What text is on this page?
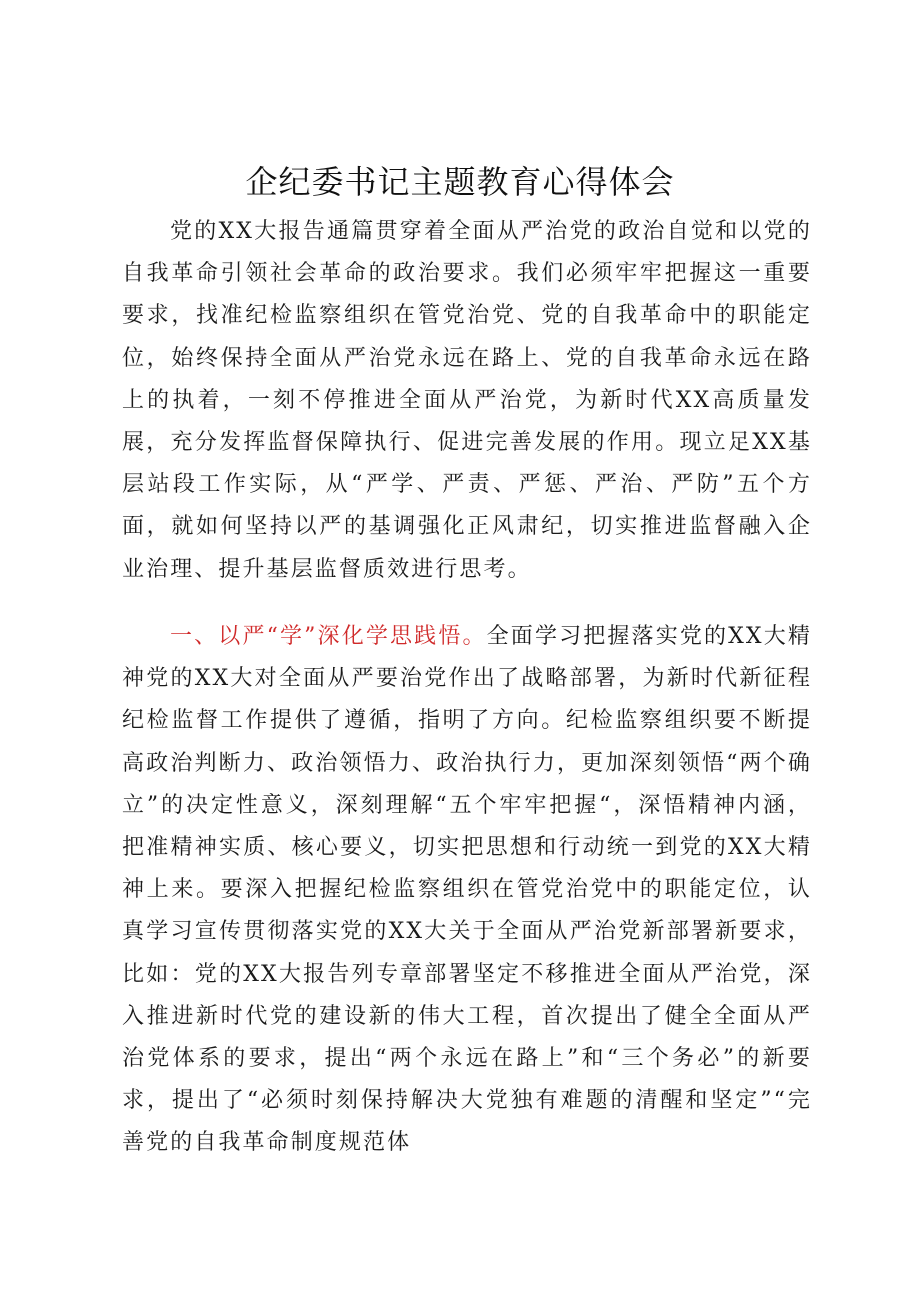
企纪委书记主题教育心得体会

党的XX大报告通篇贯穿着全面从严治党的政治自觉和以党的自我革命引领社会革命的政治要求。我们必须牢牢把握这一重要要求，找准纪检监察组织在管党治党、党的自我革命中的职能定位，始终保持全面从严治党永远在路上、党的自我革命永远在路上的执着，一刻不停推进全面从严治党，为新时代XX高质量发展，充分发挥监督保障执行、促进完善发展的作用。现立足XX基层站段工作实际，从“严学、严责、严惩、严治、严防”五个方面，就如何坚持以严的基调强化正风肃纪，切实推进监督融入企业治理、提升基层监督质效进行思考。

一、以严“学”深化学思践悟。全面学习把握落实党的XX大精神党的XX大对全面从严要治党作出了战略部署，为新时代新征程纪检监督工作提供了遵循，指明了方向。纪检监察组织要不断提高政治判断力、政治领悟力、政治执行力，更加深刻领悟“两个确立”的决定性意义，深刻理解“五个牢牢把握“，深悟精神内涵，把准精神实质、核心要义，切实把思想和行动统一到党的XX大精神上来。要深入把握纪检监察组织在管党治党中的职能定位，认真学习宣传贯彻落实党的XX大关于全面从严治党新部署新要求，比如：党的XX大报告列专章部署坚定不移推进全面从严治党，深入推进新时代党的建设新的伟大工程，首次提出了健全全面从严治党体系的要求，提出“两个永远在路上”和“三个务必”的新要求，提出了“必须时刻保持解决大党独有难题的清醒和坚定”“完善党的自我革命制度规范体
